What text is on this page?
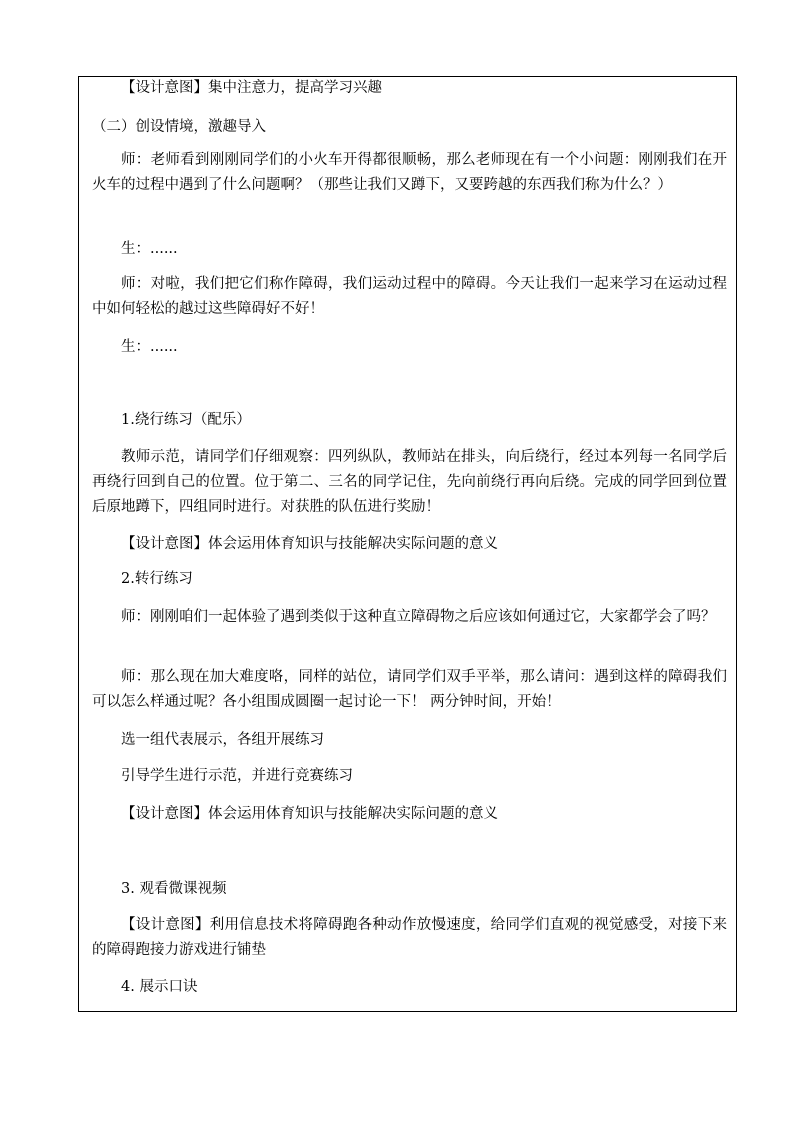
【设计意图】集中注意力，提高学习兴趣

（二）创设情境，激趣导入

师：老师看到刚刚同学们的小火车开得都很顺畅，那么老师现在有一个小问题：刚刚我们在开火车的过程中遇到了什么问题啊？（那些让我们又蹲下，又要跨越的东西我们称为什么？）

生：......

师：对啦，我们把它们称作障碍，我们运动过程中的障碍。今天让我们一起来学习在运动过程中如何轻松的越过这些障碍好不好！

生：......

1.绕行练习（配乐）

教师示范，请同学们仔细观察：四列纵队，教师站在排头，向后绕行，经过本列每一名同学后再绕行回到自己的位置。位于第二、三名的同学记住，先向前绕行再向后绕。完成的同学回到位置后原地蹲下，四组同时进行。对获胜的队伍进行奖励！

【设计意图】体会运用体育知识与技能解决实际问题的意义

2.转行练习

师：刚刚咱们一起体验了遇到类似于这种直立障碍物之后应该如何通过它，大家都学会了吗？

师：那么现在加大难度咯，同样的站位，请同学们双手平举，那么请问：遇到这样的障碍我们可以怎么样通过呢？各小组围成圆圈一起讨论一下！ 两分钟时间，开始！

选一组代表展示，各组开展练习

引导学生进行示范，并进行竞赛练习

【设计意图】体会运用体育知识与技能解决实际问题的意义

3. 观看微课视频

【设计意图】利用信息技术将障碍跑各种动作放慢速度，给同学们直观的视觉感受，对接下来的障碍跑接力游戏进行铺垫

4. 展示口诀
